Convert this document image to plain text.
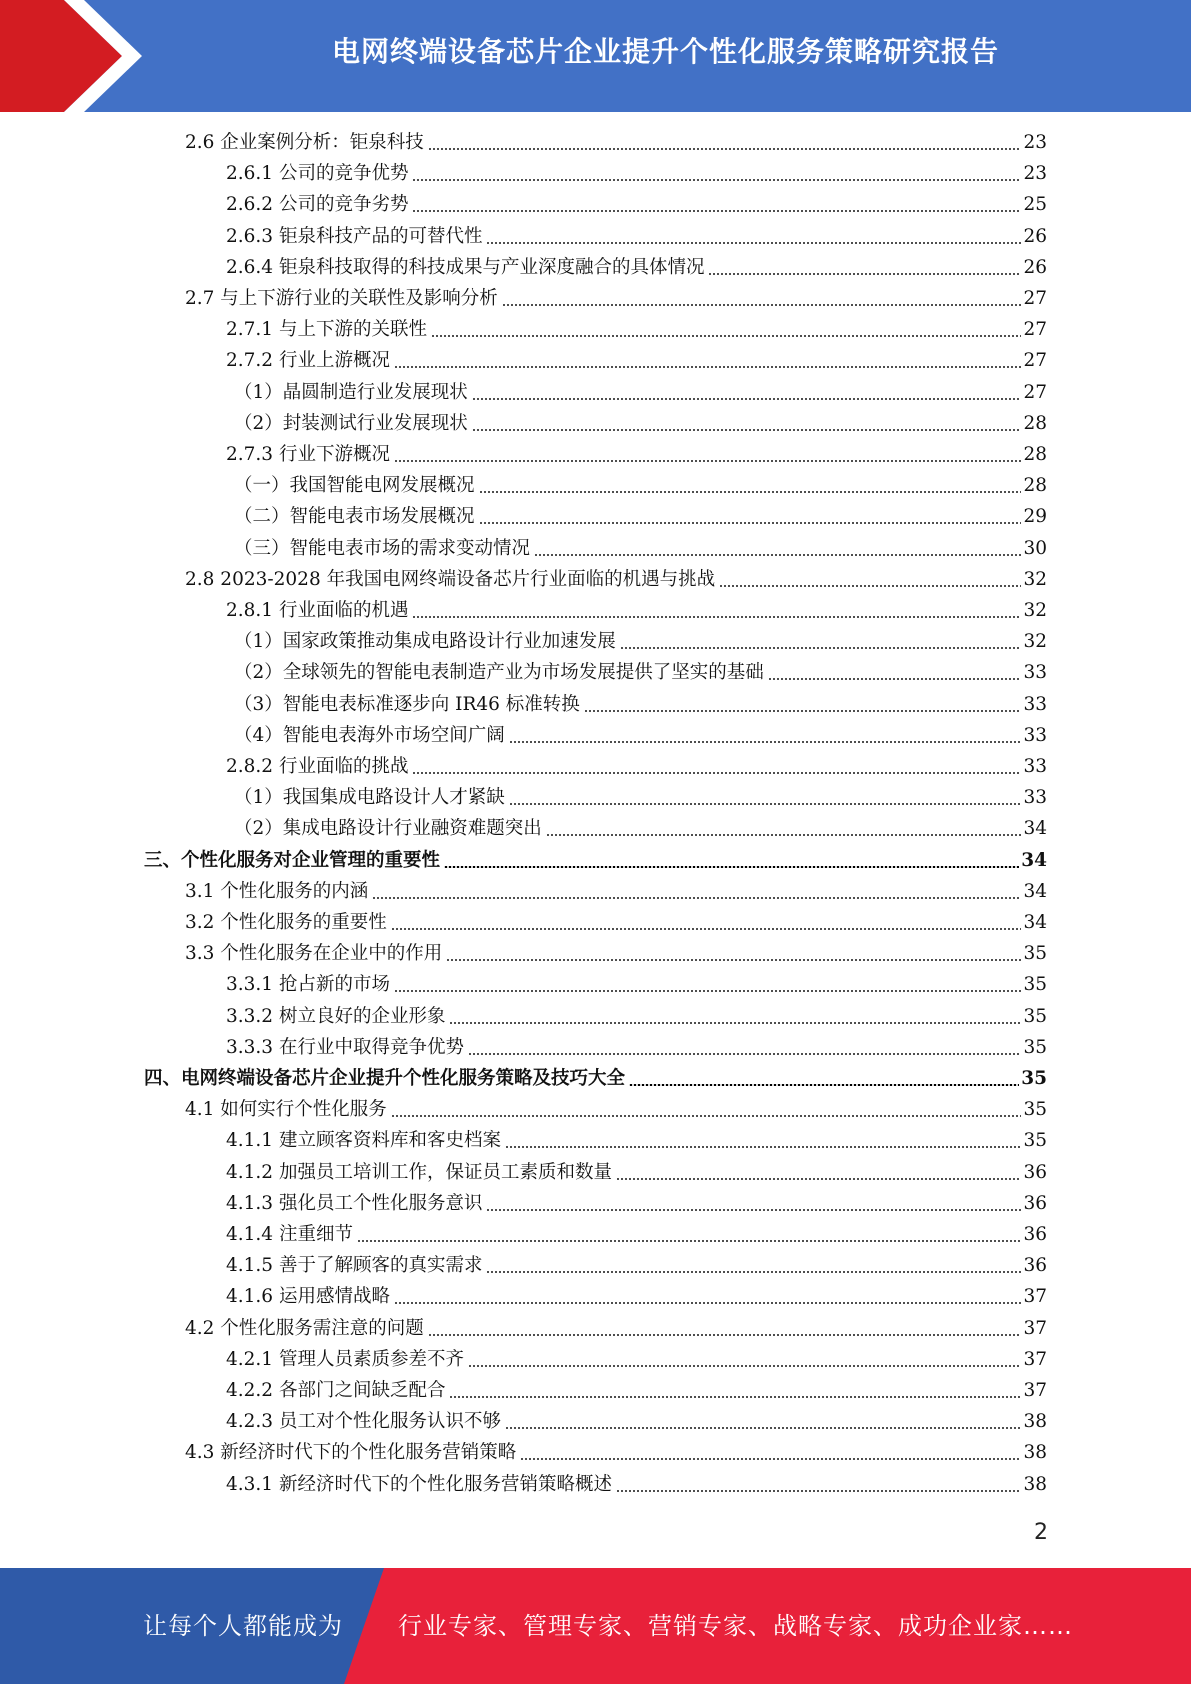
电网终端设备芯片企业提升个性化服务策略研究报告
2.6 企业案例分析：钜泉科技	23
2.6.1 公司的竞争优势	23
2.6.2 公司的竞争劣势	25
2.6.3 钜泉科技产品的可替代性	26
2.6.4 钜泉科技取得的科技成果与产业深度融合的具体情况	26
2.7 与上下游行业的关联性及影响分析	27
2.7.1 与上下游的关联性	27
2.7.2 行业上游概况	27
（1）晶圆制造行业发展现状	27
（2）封装测试行业发展现状	28
2.7.3 行业下游概况	28
（一）我国智能电网发展概况	28
（二）智能电表市场发展概况	29
（三）智能电表市场的需求变动情况	30
2.8 2023-2028 年我国电网终端设备芯片行业面临的机遇与挑战	32
2.8.1 行业面临的机遇	32
（1）国家政策推动集成电路设计行业加速发展	32
（2）全球领先的智能电表制造产业为市场发展提供了坚实的基础	33
（3）智能电表标准逐步向 IR46 标准转换	33
（4）智能电表海外市场空间广阔	33
2.8.2 行业面临的挑战	33
（1）我国集成电路设计人才紧缺	33
（2）集成电路设计行业融资难题突出	34
三、个性化服务对企业管理的重要性	34
3.1 个性化服务的内涵	34
3.2 个性化服务的重要性	34
3.3 个性化服务在企业中的作用	35
3.3.1 抢占新的市场	35
3.3.2 树立良好的企业形象	35
3.3.3 在行业中取得竞争优势	35
四、电网终端设备芯片企业提升个性化服务策略及技巧大全	35
4.1 如何实行个性化服务	35
4.1.1 建立顾客资料库和客史档案	35
4.1.2 加强员工培训工作，保证员工素质和数量	36
4.1.3 强化员工个性化服务意识	36
4.1.4 注重细节	36
4.1.5 善于了解顾客的真实需求	36
4.1.6 运用感情战略	37
4.2 个性化服务需注意的问题	37
4.2.1 管理人员素质参差不齐	37
4.2.2 各部门之间缺乏配合	37
4.2.3 员工对个性化服务认识不够	38
4.3 新经济时代下的个性化服务营销策略	38
4.3.1 新经济时代下的个性化服务营销策略概述	38
2
让每个人都能成为 行业专家、管理专家、营销专家、战略专家、成功企业家……
